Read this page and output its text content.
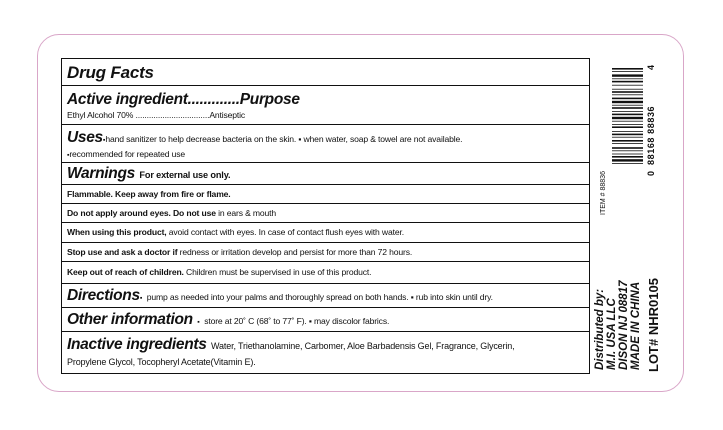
Drug Facts
Active ingredient.............Purpose
Ethyl Alcohol 70% .................................Antiseptic
Uses▪hand sanitizer to help decrease bacteria on the skin. ▪ when water, soap & towel are not available.
▪recommended for repeated use
Warnings For external use only.
Flammable. Keep away from fire or flame.
Do not apply around eyes. Do not use in ears & mouth
When using this product, avoid contact with eyes. In case of contact flush eyes with water.
Stop use and ask a doctor if redness or irritation develop and persist for more than 72 hours.
Keep out of reach of children. Children must be supervised in use of this product.
Directions▪ pump as needed into your palms and thoroughly spread on both hands. ▪ rub into skin until dry.
Other information ▪ store at 20˚ C (68˚ to 77˚ F). ▪ may discolor fabrics.
Inactive ingredients Water, Triethanolamine, Carbomer, Aloe Barbadensis Gel, Fragrance, Glycerin,
Propylene Glycol, Tocopheryl Acetate(Vitamin E).
ITEM # 88836	0
88168 88836
4
Distributed by: M.I. USA LLC DISON NJ 08817 MADE IN CHINA LOT# NHR0105
